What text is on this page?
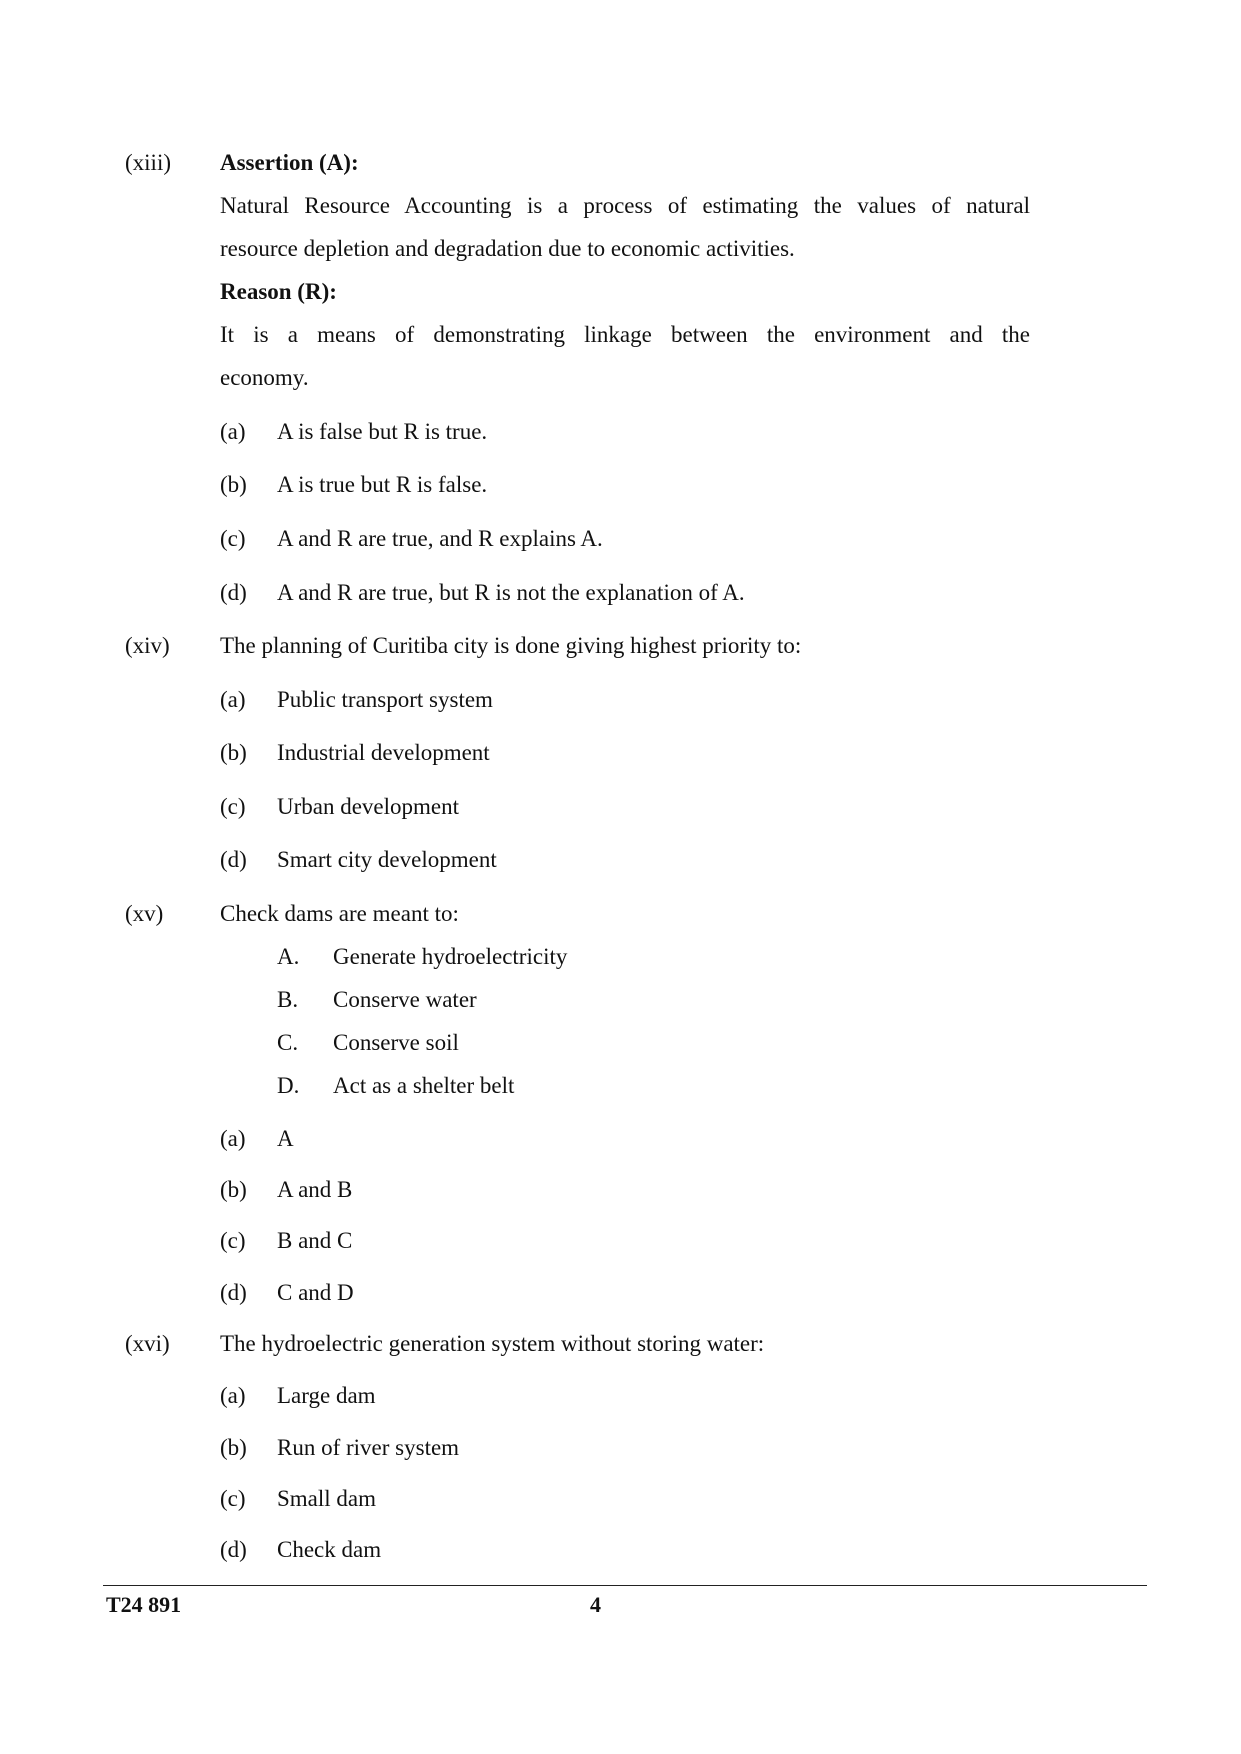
(xiii) Assertion (A):
Natural Resource Accounting is a process of estimating the values of natural
resource depletion and degradation due to economic activities.
Reason (R):
It is a means of demonstrating linkage between the environment and the
economy.
(a) A is false but R is true.
(b) A is true but R is false.
(c) A and R are true, and R explains A.
(d) A and R are true, but R is not the explanation of A.
(xiv) The planning of Curitiba city is done giving highest priority to:
(a) Public transport system
(b) Industrial development
(c) Urban development
(d) Smart city development
(xv) Check dams are meant to:
A. Generate hydroelectricity
B. Conserve water
C. Conserve soil
D. Act as a shelter belt
(a) A
(b) A and B
(c) B and C
(d) C and D
(xvi) The hydroelectric generation system without storing water:
(a) Large dam
(b) Run of river system
(c) Small dam
(d) Check dam
T24 891	4
